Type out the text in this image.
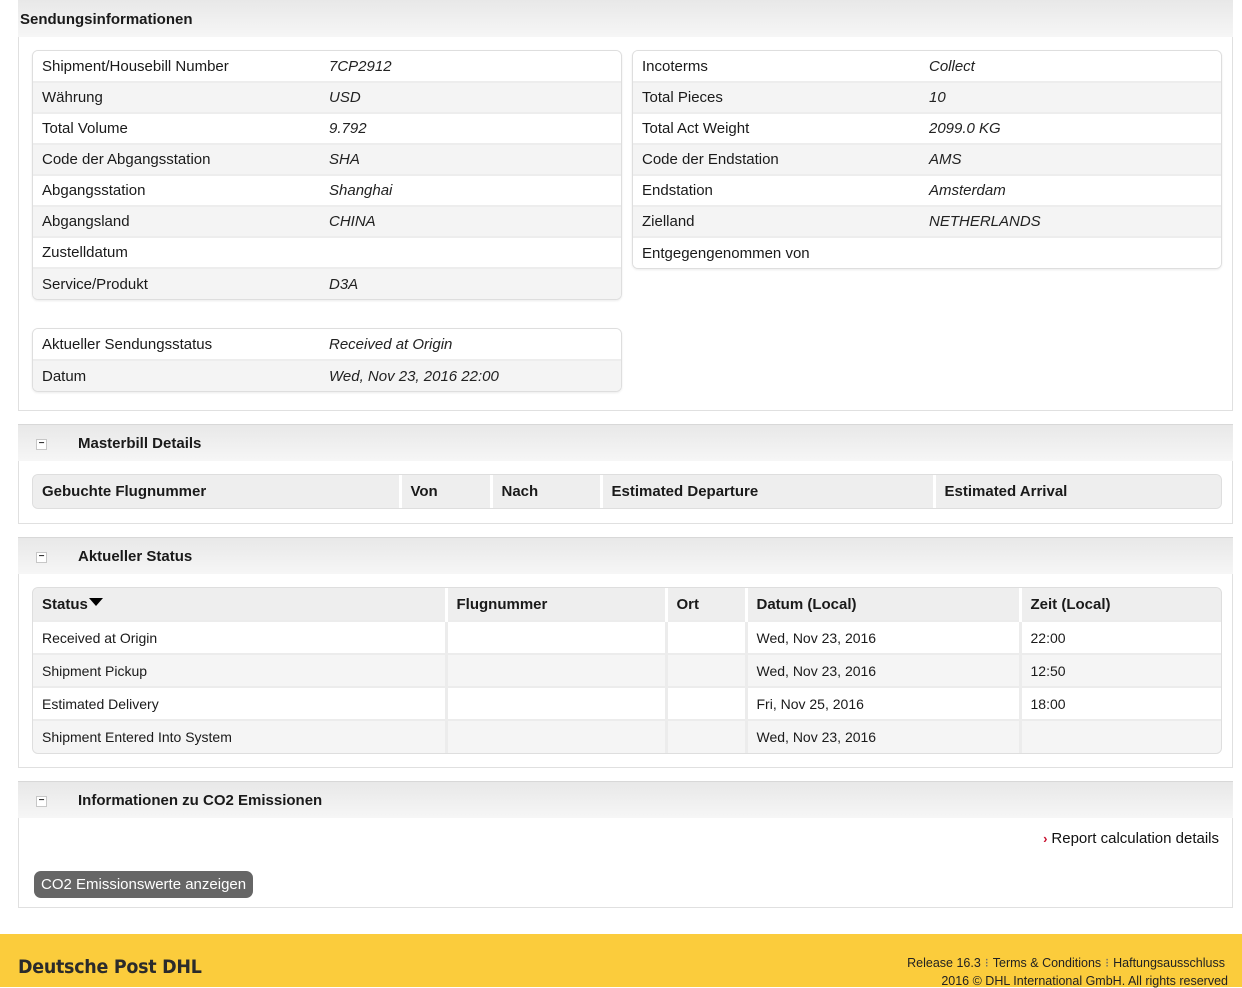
Sendungsinformationen
Shipment/Housebill Number	7CP2912
Währung	USD
Total Volume	9.792
Code der Abgangsstation	SHA
Abgangsstation	Shanghai
Abgangsland	CHINA
Zustelldatum	
Service/Produkt	D3A
Incoterms	Collect
Total Pieces	10
Total Act Weight	2099.0 KG
Code der Endstation	AMS
Endstation	Amsterdam
Zielland	NETHERLANDS
Entgegengenommen von	
Aktueller Sendungsstatus	Received at Origin
Datum	Wed, Nov 23, 2016 22:00
− Masterbill Details
Gebuchte Flugnummer	Von	Nach	Estimated Departure	Estimated Arrival
− Aktueller Status
Status	Flugnummer	Ort	Datum (Local)	Zeit (Local)
Received at Origin			Wed, Nov 23, 2016	22:00
Shipment Pickup			Wed, Nov 23, 2016	12:50
Estimated Delivery			Fri, Nov 25, 2016	18:00
Shipment Entered Into System			Wed, Nov 23, 2016	
− Informationen zu CO2 Emissionen
› Report calculation details
CO2 Emissionswerte anzeigen
Deutsche Post DHL	Release 16.3 ⁝ Terms & Conditions ⁝ Haftungsausschluss
2016 © DHL International GmbH. All rights reserved
